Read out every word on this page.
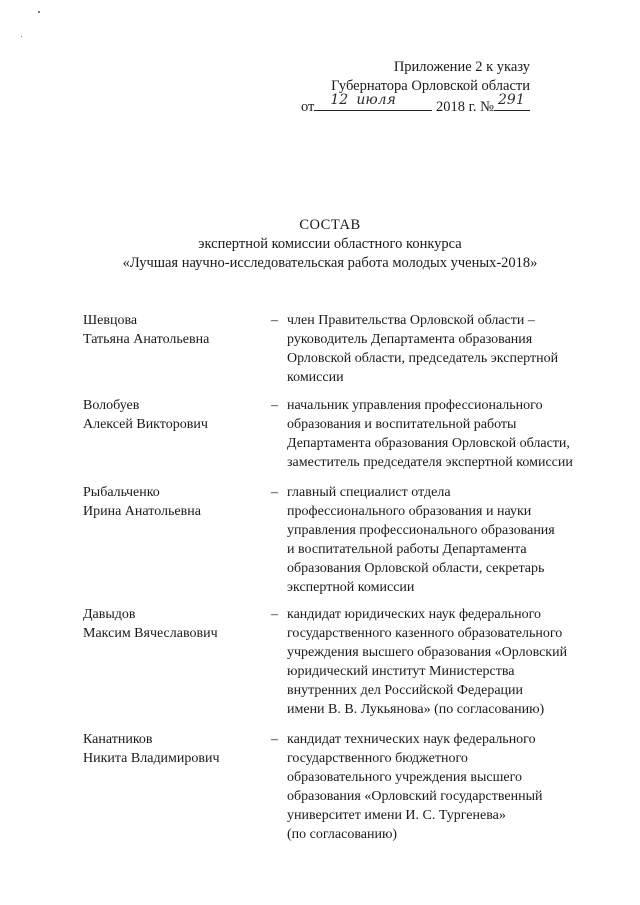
Приложение 2 к указу
Губернатора Орловской области
от 12 июля	2018 г. № 291
СОСТАВ
экспертной комиссии областного конкурса
«Лучшая научно-исследовательская работа молодых ученых-2018»
Шевцова
Татьяна Анатольевна
– член Правительства Орловской области –
руководитель Департамента образования
Орловской области, председатель экспертной
комиссии
Волобуев
Алексей Викторович
– начальник управления профессионального
образования и воспитательной работы
Департамента образования Орловской области,
заместитель председателя экспертной комиссии
Рыбальченко
Ирина Анатольевна
– главный специалист отдела
профессионального образования и науки
управления профессионального образования
и воспитательной работы Департамента
образования Орловской области, секретарь
экспертной комиссии
Давыдов
Максим Вячеславович
– кандидат юридических наук федерального
государственного казенного образовательного
учреждения высшего образования «Орловский
юридический институт Министерства
внутренних дел Российской Федерации
имени В. В. Лукьянова» (по согласованию)
Канатников
Никита Владимирович
– кандидат технических наук федерального
государственного бюджетного
образовательного учреждения высшего
образования «Орловский государственный
университет имени И. С. Тургенева»
(по согласованию)
